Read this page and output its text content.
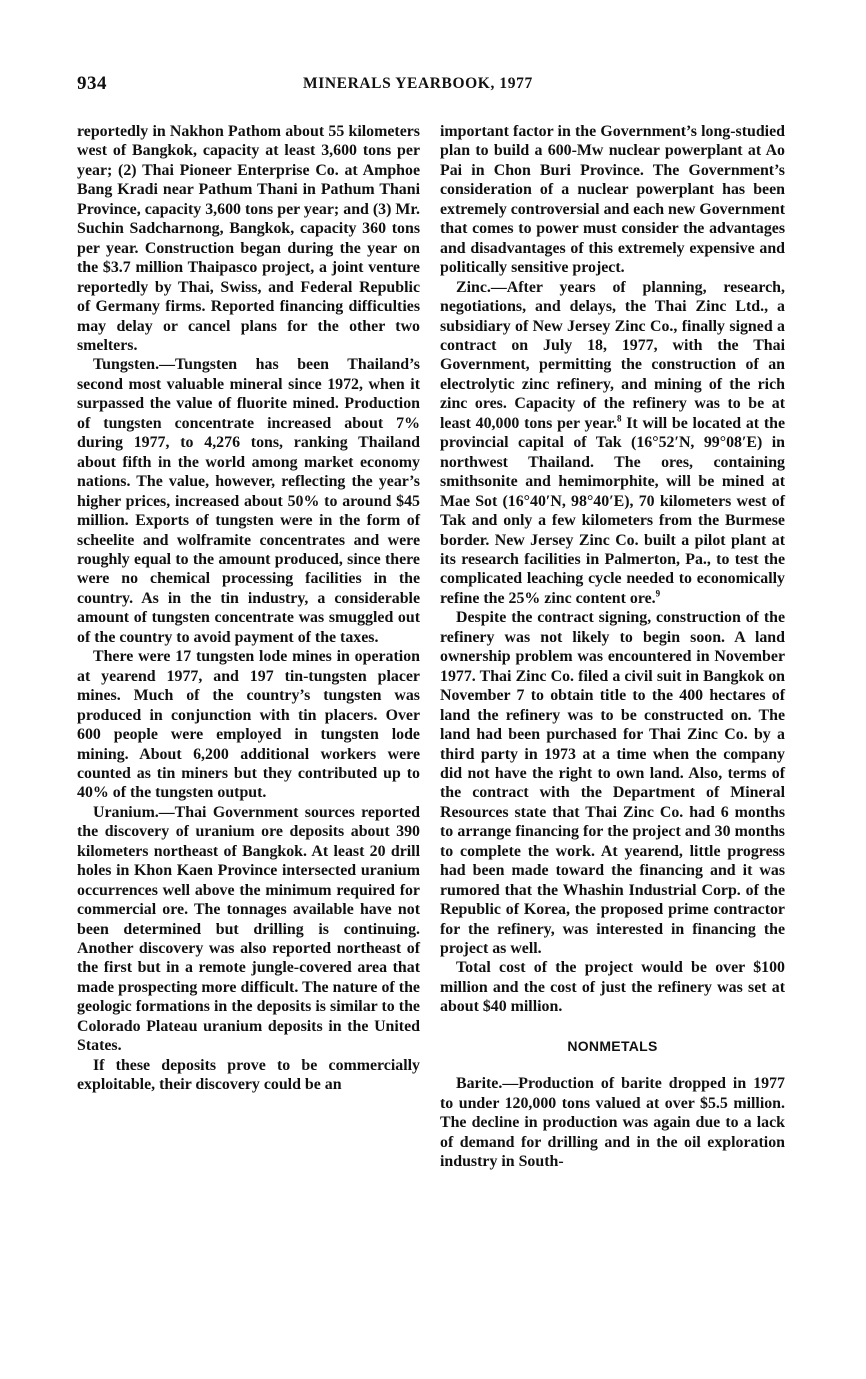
934	MINERALS YEARBOOK, 1977

reportedly in Nakhon Pathom about 55 kilometers west of Bangkok, capacity at least 3,600 tons per year; (2) Thai Pioneer Enterprise Co. at Amphoe Bang Kradi near Pathum Thani in Pathum Thani Province, capacity 3,600 tons per year; and (3) Mr. Suchin Sadcharnong, Bangkok, capacity 360 tons per year. Construction began during the year on the $3.7 million Thaipasco project, a joint venture reportedly by Thai, Swiss, and Federal Republic of Germany firms. Reported financing difficulties may delay or cancel plans for the other two smelters.

Tungsten.—Tungsten has been Thailand’s second most valuable mineral since 1972, when it surpassed the value of fluorite mined. Production of tungsten concentrate increased about 7% during 1977, to 4,276 tons, ranking Thailand about fifth in the world among market economy nations. The value, however, reflecting the year’s higher prices, increased about 50% to around $45 million. Exports of tungsten were in the form of scheelite and wolframite concentrates and were roughly equal to the amount produced, since there were no chemical processing facilities in the country. As in the tin industry, a considerable amount of tungsten concentrate was smuggled out of the country to avoid payment of the taxes.

There were 17 tungsten lode mines in operation at yearend 1977, and 197 tin-tungsten placer mines. Much of the country’s tungsten was produced in conjunction with tin placers. Over 600 people were employed in tungsten lode mining. About 6,200 additional workers were counted as tin miners but they contributed up to 40% of the tungsten output.

Uranium.—Thai Government sources reported the discovery of uranium ore deposits about 390 kilometers northeast of Bangkok. At least 20 drill holes in Khon Kaen Province intersected uranium occurrences well above the minimum required for commercial ore. The tonnages available have not been determined but drilling is continuing. Another discovery was also reported northeast of the first but in a remote jungle-covered area that made prospecting more difficult. The nature of the geologic formations in the deposits is similar to the Colorado Plateau uranium deposits in the United States.

If these deposits prove to be commercially exploitable, their discovery could be an

important factor in the Government’s long-studied plan to build a 600-Mw nuclear powerplant at Ao Pai in Chon Buri Province. The Government’s consideration of a nuclear powerplant has been extremely controversial and each new Government that comes to power must consider the advantages and disadvantages of this extremely expensive and politically sensitive project.

Zinc.—After years of planning, research, negotiations, and delays, the Thai Zinc Ltd., a subsidiary of New Jersey Zinc Co., finally signed a contract on July 18, 1977, with the Thai Government, permitting the construction of an electrolytic zinc refinery, and mining of the rich zinc ores. Capacity of the refinery was to be at least 40,000 tons per year.$^8$ It will be located at the provincial capital of Tak (16°52′N, 99°08′E) in northwest Thailand. The ores, containing smithsonite and hemimorphite, will be mined at Mae Sot (16°40′N, 98°40′E), 70 kilometers west of Tak and only a few kilometers from the Burmese border. New Jersey Zinc Co. built a pilot plant at its research facilities in Palmerton, Pa., to test the complicated leaching cycle needed to economically refine the 25% zinc content ore.$^9$

Despite the contract signing, construction of the refinery was not likely to begin soon. A land ownership problem was encountered in November 1977. Thai Zinc Co. filed a civil suit in Bangkok on November 7 to obtain title to the 400 hectares of land the refinery was to be constructed on. The land had been purchased for Thai Zinc Co. by a third party in 1973 at a time when the company did not have the right to own land. Also, terms of the contract with the Department of Mineral Resources state that Thai Zinc Co. had 6 months to arrange financing for the project and 30 months to complete the work. At yearend, little progress had been made toward the financing and it was rumored that the Whashin Industrial Corp. of the Republic of Korea, the proposed prime contractor for the refinery, was interested in financing the project as well.

Total cost of the project would be over $100 million and the cost of just the refinery was set at about $40 million.

NONMETALS

Barite.—Production of barite dropped in 1977 to under 120,000 tons valued at over $5.5 million. The decline in production was again due to a lack of demand for drilling and in the oil exploration industry in South-
